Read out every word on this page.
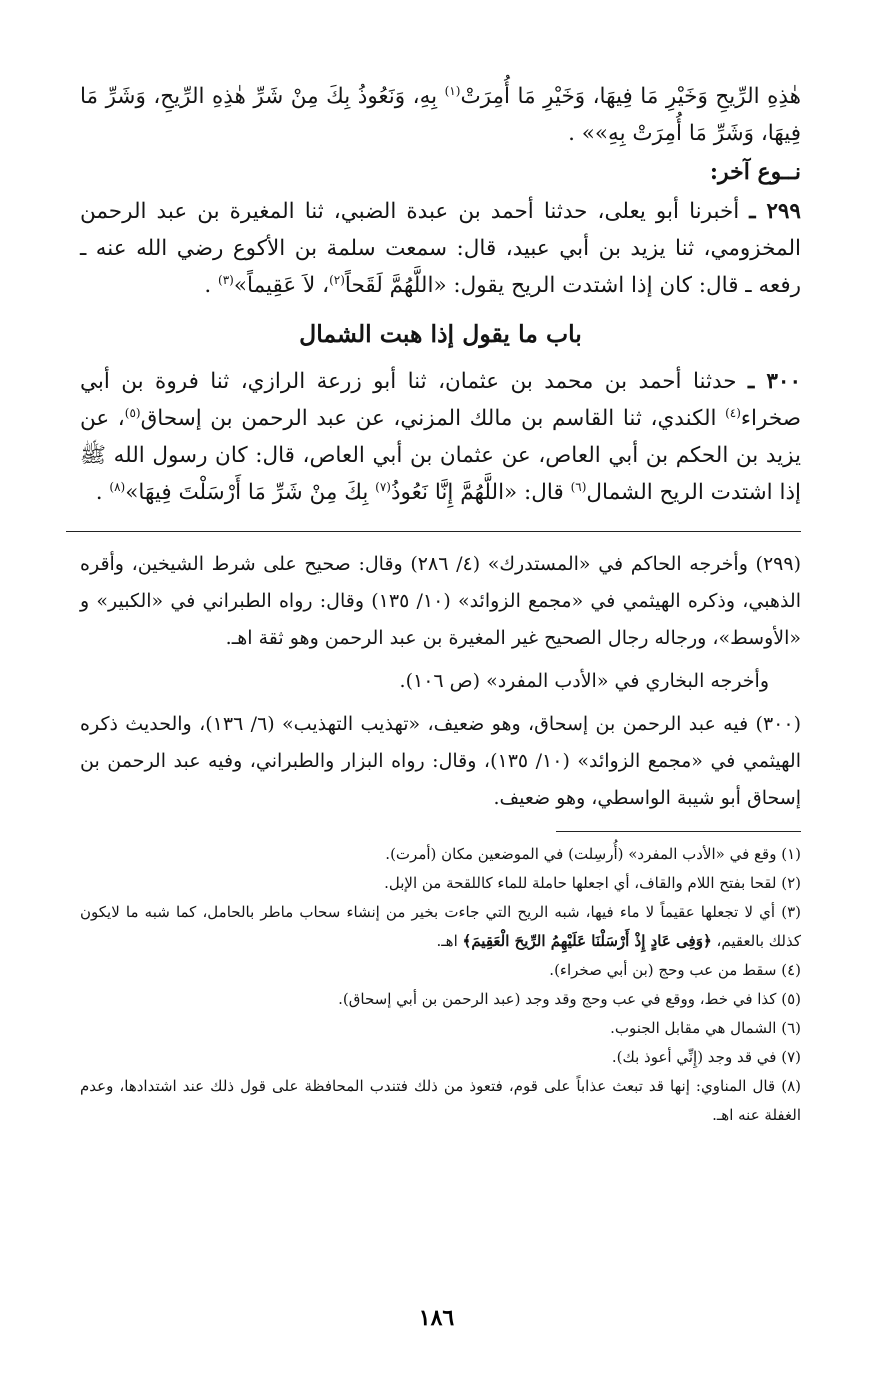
هٰذِهِ الرِّيحِ وَخَيْرِ مَا فِيهَا، وَخَيْرِ مَا أُمِرَتْ$^{(١)}$ بِهِ، وَنَعُوذُ بِكَ مِنْ شَرِّ هٰذِهِ الرِّيحِ، وَشَرِّ مَا فِيهَا، وَشَرِّ مَا أُمِرَتْ بِهِ»» .

نــوع آخر:

٢٩٩ ـ أخبرنا أبو يعلى، حدثنا أحمد بن عبدة الضبي، ثنا المغيرة بن عبد الرحمن المخزومي، ثنا يزيد بن أبي عبيد، قال: سمعت سلمة بن الأكوع رضي الله عنه ـ رفعه ـ قال: كان إذا اشتدت الريح يقول: «اللَّهُمَّ لَقَحاً$^{(٢)}$، لاَ عَقِيماً»$^{(٣)}$ .

باب ما يقول إذا هبت الشمال

٣٠٠ ـ حدثنا أحمد بن محمد بن عثمان، ثنا أبو زرعة الرازي، ثنا فروة بن أبي صخراء$^{(٤)}$ الكندي، ثنا القاسم بن مالك المزني، عن عبد الرحمن بن إسحاق$^{(٥)}$، عن يزيد بن الحكم بن أبي العاص، عن عثمان بن أبي العاص، قال: كان رسول الله ﷺ إذا اشتدت الريح الشمال$^{(٦)}$ قال: «اللَّهُمَّ إِنَّا نَعُوذُ$^{(٧)}$ بِكَ مِنْ شَرِّ مَا أَرْسَلْتَ فِيهَا»$^{(٨)}$ .

(٢٩٩) وأخرجه الحاكم في «المستدرك» (٤/ ٢٨٦) وقال: صحيح على شرط الشيخين، وأقره الذهبي، وذكره الهيثمي في «مجمع الزوائد» (١٠/ ١٣٥) وقال: رواه الطبراني في «الكبير» و «الأوسط»، ورجاله رجال الصحيح غير المغيرة بن عبد الرحمن وهو ثقة اهـ.

وأخرجه البخاري في «الأدب المفرد» (ص ١٠٦).

(٣٠٠) فيه عبد الرحمن بن إسحاق، وهو ضعيف، «تهذيب التهذيب» (٦/ ١٣٦)، والحديث ذكره الهيثمي في «مجمع الزوائد» (١٠/ ١٣٥)، وقال: رواه البزار والطبراني، وفيه عبد الرحمن بن إسحاق أبو شيبة الواسطي، وهو ضعيف.

(١) وقع في «الأدب المفرد» (أُرسِلت) في الموضعين مكان (أمرت).

(٢) لقحا بفتح اللام والقاف، أي اجعلها حاملة للماء كاللقحة من الإبل.

(٣) أي لا تجعلها عقيماً لا ماء فيها، شبه الريح التي جاءت بخير من إنشاء سحاب ماطر بالحامل، كما شبه ما لايكون كذلك بالعقيم، ﴿وَفِى عَادٍ إِذْ أَرْسَلْنَا عَلَيْهِمُ الرِّيحَ الْعَقِيمَ﴾ اهـ.

(٤) سقط من عب وحج (بن أبي صخراء).

(٥) كذا في خط، ووقع في عب وحج وقد وجد (عبد الرحمن بن أبي إسحاق).

(٦) الشمال هي مقابل الجنوب.

(٧) في قد وجد (إِنِّي أعوذ بك).

(٨) قال المناوي: إنها قد تبعث عذاباً على قوم، فتعوذ من ذلك فتندب المحافظة على قول ذلك عند اشتدادها، وعدم الغفلة عنه اهـ.

١٨٦
